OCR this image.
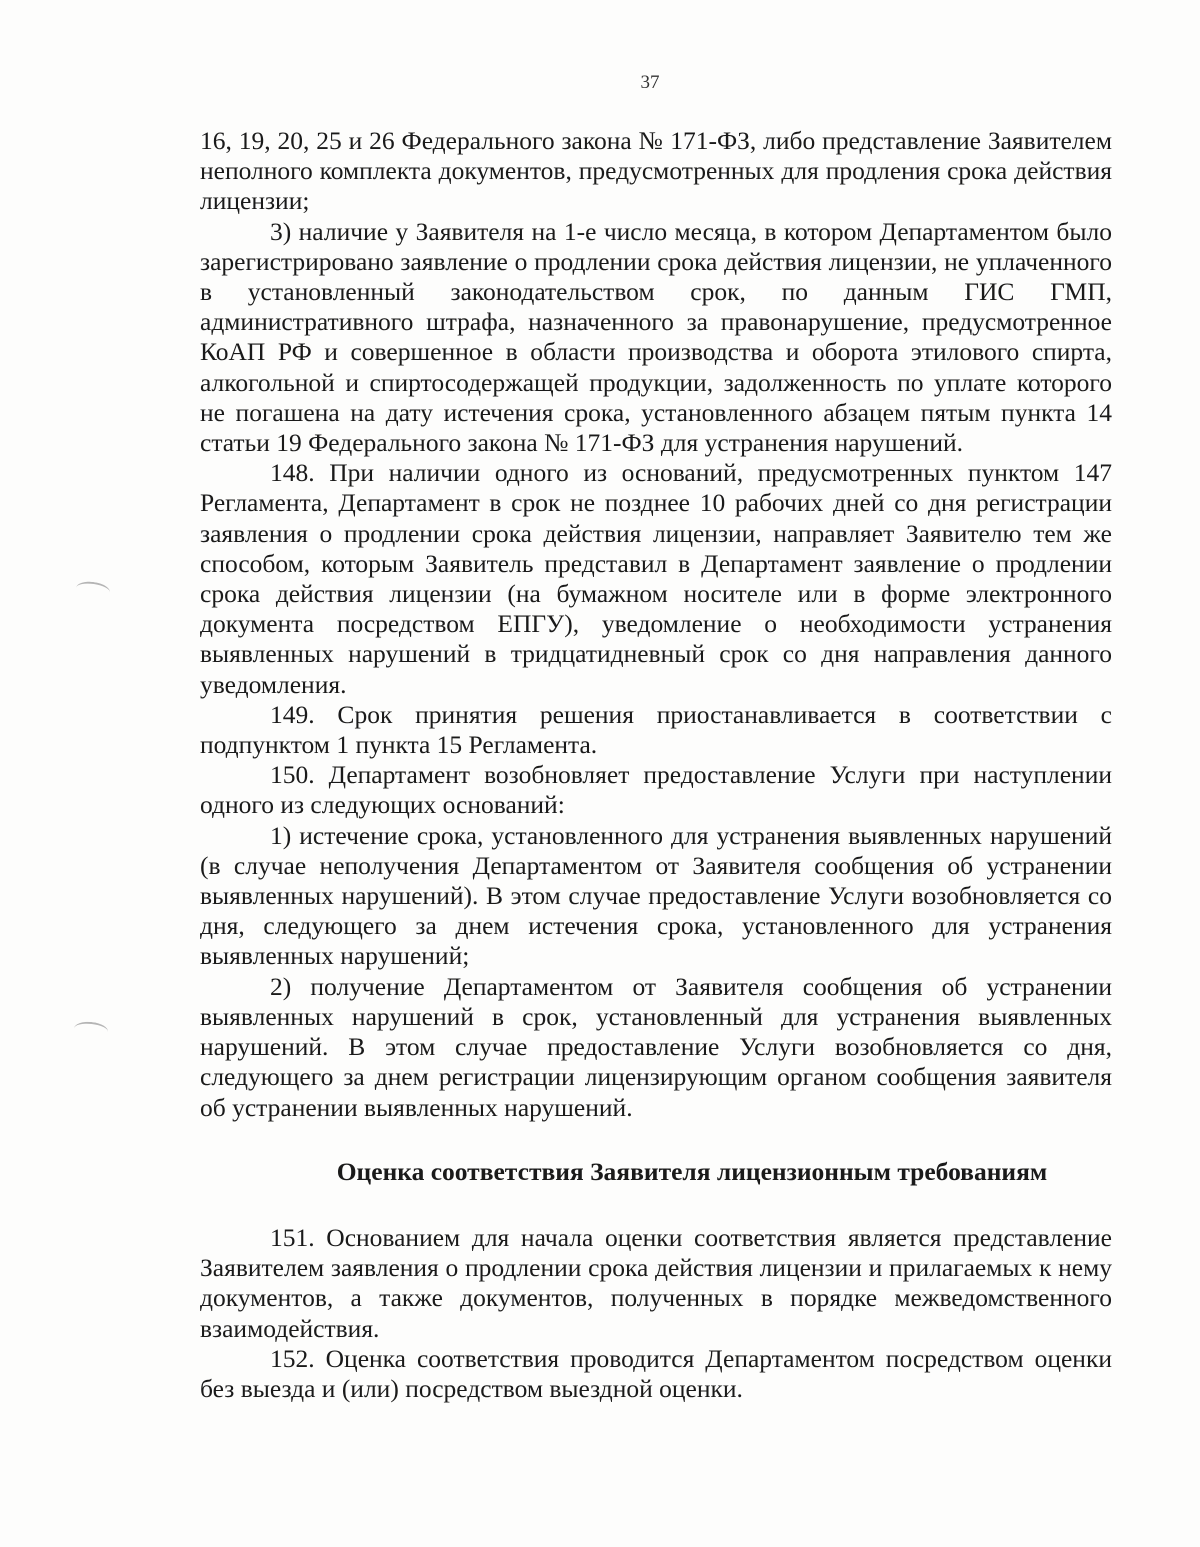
37

16, 19, 20, 25 и 26 Федерального закона № 171-ФЗ, либо представление Заявителем неполного комплекта документов, предусмотренных для продления срока действия лицензии;

3) наличие у Заявителя на 1-е число месяца, в котором Департаментом было зарегистрировано заявление о продлении срока действия лицензии, не уплаченного в установленный законодательством срок, по данным ГИС ГМП, административного штрафа, назначенного за правонарушение, предусмотренное КоАП РФ и совершенное в области производства и оборота этилового спирта, алкогольной и спиртосодержащей продукции, задолженность по уплате которого не погашена на дату истечения срока, установленного абзацем пятым пункта 14 статьи 19 Федерального закона № 171-ФЗ для устранения нарушений.

148. При наличии одного из оснований, предусмотренных пунктом 147 Регламента, Департамент в срок не позднее 10 рабочих дней со дня регистрации заявления о продлении срока действия лицензии, направляет Заявителю тем же способом, которым Заявитель представил в Департамент заявление о продлении срока действия лицензии (на бумажном носителе или в форме электронного документа посредством ЕПГУ), уведомление о необходимости устранения выявленных нарушений в тридцатидневный срок со дня направления данного уведомления.

149. Срок принятия решения приостанавливается в соответствии с подпунктом 1 пункта 15 Регламента.

150. Департамент возобновляет предоставление Услуги при наступлении одного из следующих оснований:

1) истечение срока, установленного для устранения выявленных нарушений (в случае неполучения Департаментом от Заявителя сообщения об устранении выявленных нарушений). В этом случае предоставление Услуги возобновляется со дня, следующего за днем истечения срока, установленного для устранения выявленных нарушений;

2) получение Департаментом от Заявителя сообщения об устранении выявленных нарушений в срок, установленный для устранения выявленных нарушений. В этом случае предоставление Услуги возобновляется со дня, следующего за днем регистрации лицензирующим органом сообщения заявителя об устранении выявленных нарушений.

Оценка соответствия Заявителя лицензионным требованиям

151. Основанием для начала оценки соответствия является представление Заявителем заявления о продлении срока действия лицензии и прилагаемых к нему документов, а также документов, полученных в порядке межведомственного взаимодействия.

152. Оценка соответствия проводится Департаментом посредством оценки без выезда и (или) посредством выездной оценки.
